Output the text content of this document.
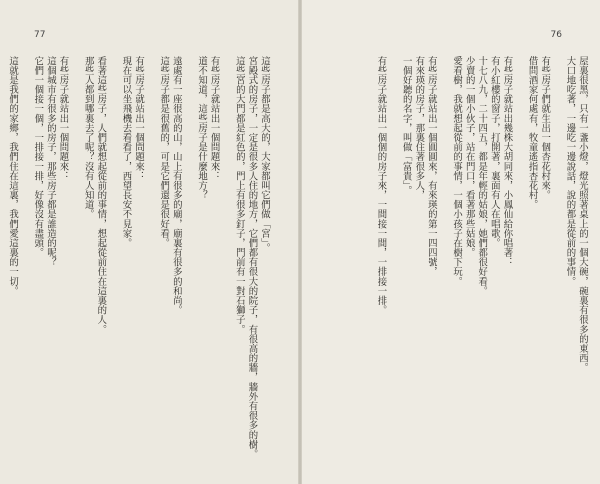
77
這些房子都是高大的，大家都叫它們做「宮」。
宮殿式的房子，一定是很多人住的地方，它們都有很大的院子，有很高的牆，牆外有很多的樹。
這些宮的大門都是紅色的，門上有很多釘子，門前有一對石獅子。

有些房子就站出一個問題來：
道不知道，這些房子是什麼地方？

遠處有一座很高的山，山上有很多的廟，廟裏有很多的和尚。
這些房子都是很舊的，可是它們還是很好看。

有些房子就站出一個問題來：
現在可以坐飛機去看看了，西望長安不見家。

看著這些房子，人們就想起從前的事情，想起從前住在這裏的人。
那些人都到哪裏去了呢？沒有人知道。

有些房子就站出一個問題來：
這個城市有很多的房子，那些房子都是誰造的呢？
它們一個接一個，一排接一排，好像沒有盡頭。

這就是我們的家鄉，我們住在這裏，我們愛這裏的一切。

76
屋裏很黑，只有一盞小燈，燈光照著桌上的一個大碗，碗裏有很多的東西。
大口地吃著，一邊吃一邊說話，說的都是從前的事情。

有些房子們就生出一個杏花村來。
借問酒家何處有，牧童遙指杏花村。

有些房子就站出幾株大胡同來，小鳳仙給你唱著：
有小紅樓的窗子，打開著，裏面有人在唱歌。
十七八九，二十四五，都是年輕的姑娘，她們都很好看。
少賣的一個小伙子，站在門口，看著那些姑娘。
愛看樹，我就想起從前的事情，一個小孩子在樹下玩。

有些房子就站出一個圓圓來，有來瑛的第一四四號，
有來瑛的房子，那裏住著很多人，
一個好聽的名字，叫做「富貴」。

有些房子就站出一個個的房子來，一間接一間，一排接一排。
